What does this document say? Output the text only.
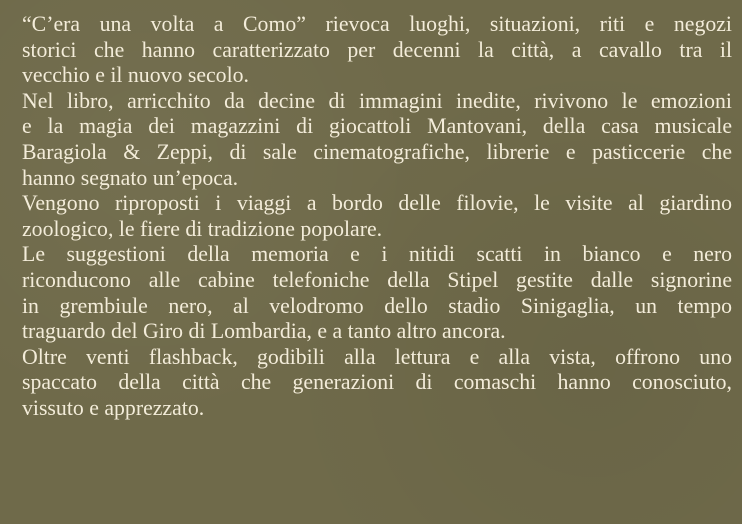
“C’era una volta a Como” rievoca luoghi, situazioni, riti e negozi
storici che hanno caratterizzato per decenni la città, a cavallo tra il
vecchio e il nuovo secolo.

Nel libro, arricchito da decine di immagini inedite, rivivono le emozioni
e la magia dei magazzini di giocattoli Mantovani, della casa musicale
Baragiola & Zeppi, di sale cinematografiche, librerie e pasticcerie che
hanno segnato un’epoca.

Vengono riproposti i viaggi a bordo delle filovie, le visite al giardino
zoologico, le fiere di tradizione popolare.

Le suggestioni della memoria e i nitidi scatti in bianco e nero
riconducono alle cabine telefoniche della Stipel gestite dalle signorine
in grembiule nero, al velodromo dello stadio Sinigaglia, un tempo
traguardo del Giro di Lombardia, e a tanto altro ancora.

Oltre venti flashback, godibili alla lettura e alla vista, offrono uno
spaccato della città che generazioni di comaschi hanno conosciuto,
vissuto e apprezzato.
